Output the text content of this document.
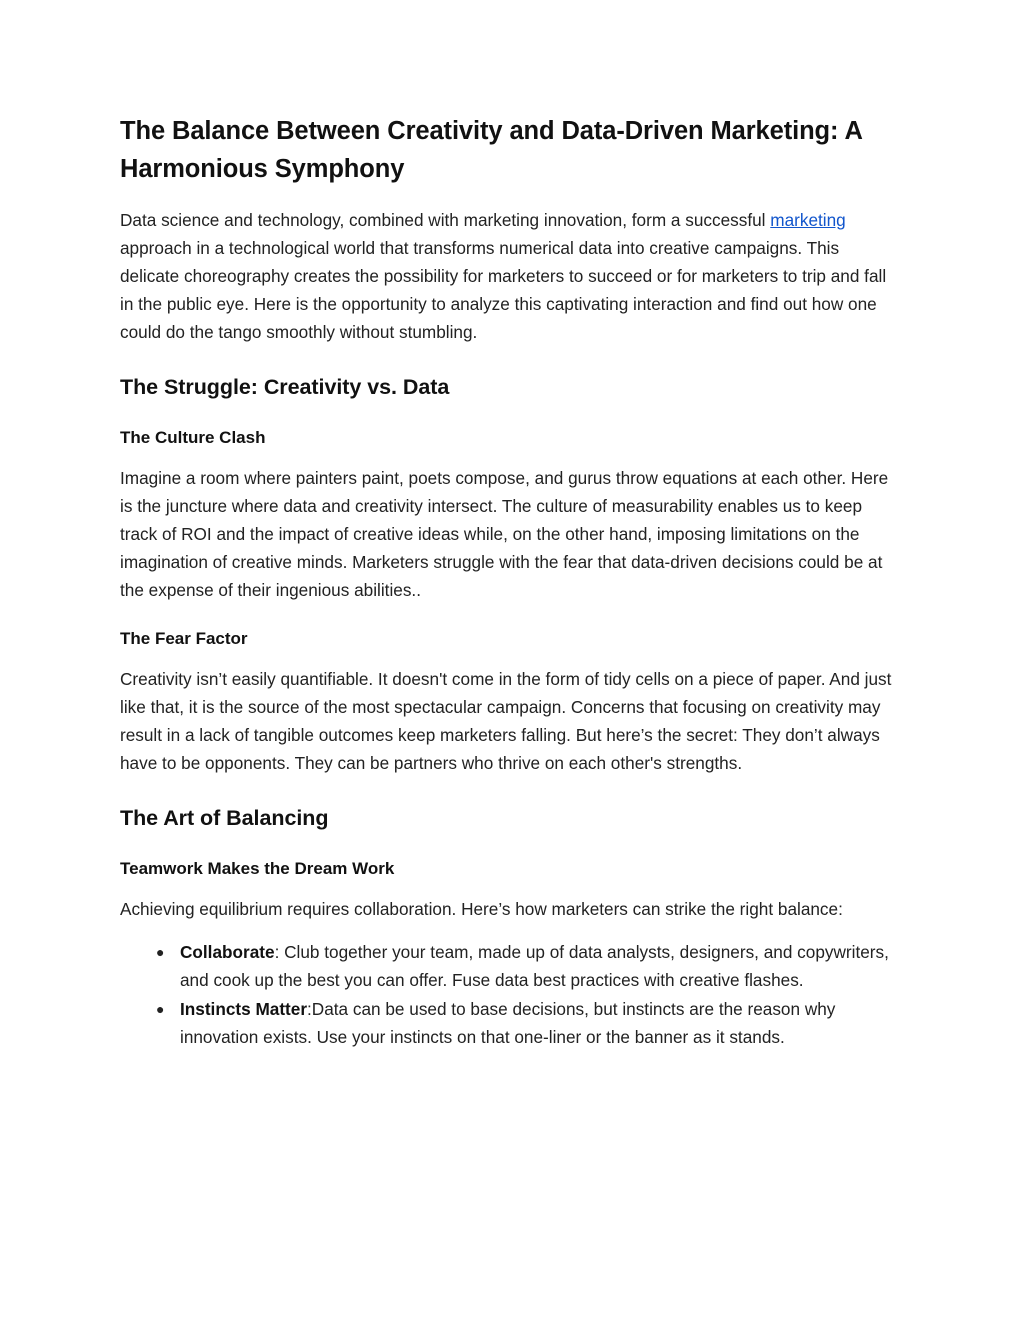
The Balance Between Creativity and Data-Driven Marketing: A Harmonious Symphony

Data science and technology, combined with marketing innovation, form a successful marketing approach in a technological world that transforms numerical data into creative campaigns. This delicate choreography creates the possibility for marketers to succeed or for marketers to trip and fall in the public eye. Here is the opportunity to analyze this captivating interaction and find out how one could do the tango smoothly without stumbling.

The Struggle: Creativity vs. Data
The Culture Clash

Imagine a room where painters paint, poets compose, and gurus throw equations at each other. Here is the juncture where data and creativity intersect. The culture of measurability enables us to keep track of ROI and the impact of creative ideas while, on the other hand, imposing limitations on the imagination of creative minds. Marketers struggle with the fear that data-driven decisions could be at the expense of their ingenious abilities..

The Fear Factor

Creativity isn’t easily quantifiable. It doesn't come in the form of tidy cells on a piece of paper. And just like that, it is the source of the most spectacular campaign. Concerns that focusing on creativity may result in a lack of tangible outcomes keep marketers falling. But here’s the secret: They don’t always have to be opponents. They can be partners who thrive on each other's strengths.

The Art of Balancing
Teamwork Makes the Dream Work

Achieving equilibrium requires collaboration. Here’s how marketers can strike the right balance:

● Collaborate: Club together your team, made up of data analysts, designers, and copywriters, and cook up the best you can offer. Fuse data best practices with creative flashes.
● Instincts Matter:Data can be used to base decisions, but instincts are the reason why innovation exists. Use your instincts on that one-liner or the banner as it stands.
